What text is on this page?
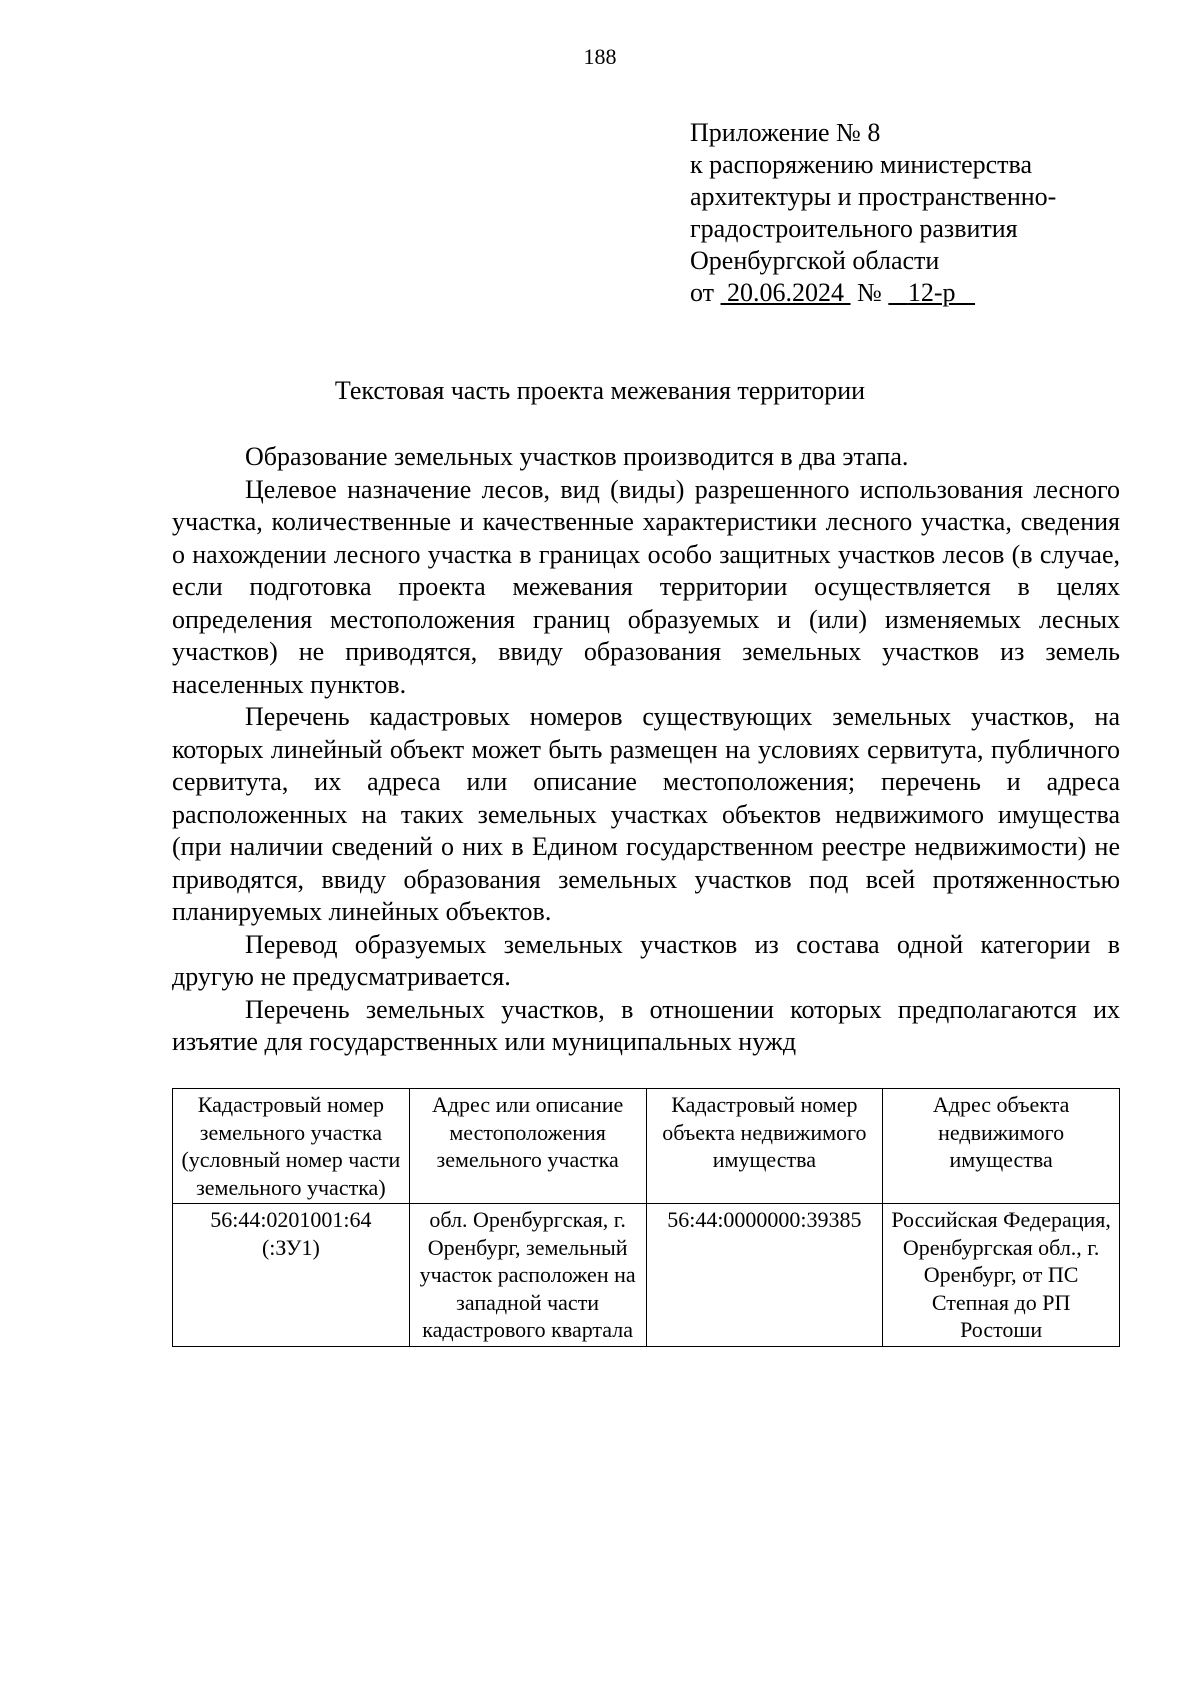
188
Приложение № 8
к распоряжению министерства
архитектуры и пространственно-
градостроительного развития
Оренбургской области
от 20.06.2024 № 12-р
Текстовая часть проекта межевания территории

Образование земельных участков производится в два этапа.

Целевое назначение лесов, вид (виды) разрешенного использования лесного участка, количественные и качественные характеристики лесного участка, сведения о нахождении лесного участка в границах особо защитных участков лесов (в случае, если подготовка проекта межевания территории осуществляется в целях определения местоположения границ образуемых и (или) изменяемых лесных участков) не приводятся, ввиду образования земельных участков из земель населенных пунктов.

Перечень кадастровых номеров существующих земельных участков, на которых линейный объект может быть размещен на условиях сервитута, публичного сервитута, их адреса или описание местоположения; перечень и адреса расположенных на таких земельных участках объектов недвижимого имущества (при наличии сведений о них в Едином государственном реестре недвижимости) не приводятся, ввиду образования земельных участков под всей протяженностью планируемых линейных объектов.

Перевод образуемых земельных участков из состава одной категории в другую не предусматривается.

Перечень земельных участков, в отношении которых предполагаются их изъятие для государственных или муниципальных нужд

Кадастровый номер земельного участка (условный номер части земельного участка)	Адрес или описание местоположения земельного участка	Кадастровый номер объекта недвижимого имущества	Адрес объекта недвижимого имущества

56:44:0201001:64
(:ЗУ1)	обл. Оренбургская, г. Оренбург, земельный участок расположен на западной части кадастрового квартала	56:44:0000000:39385	Российская Федерация, Оренбургская обл., г. Оренбург, от ПС Степная до РП Ростоши
